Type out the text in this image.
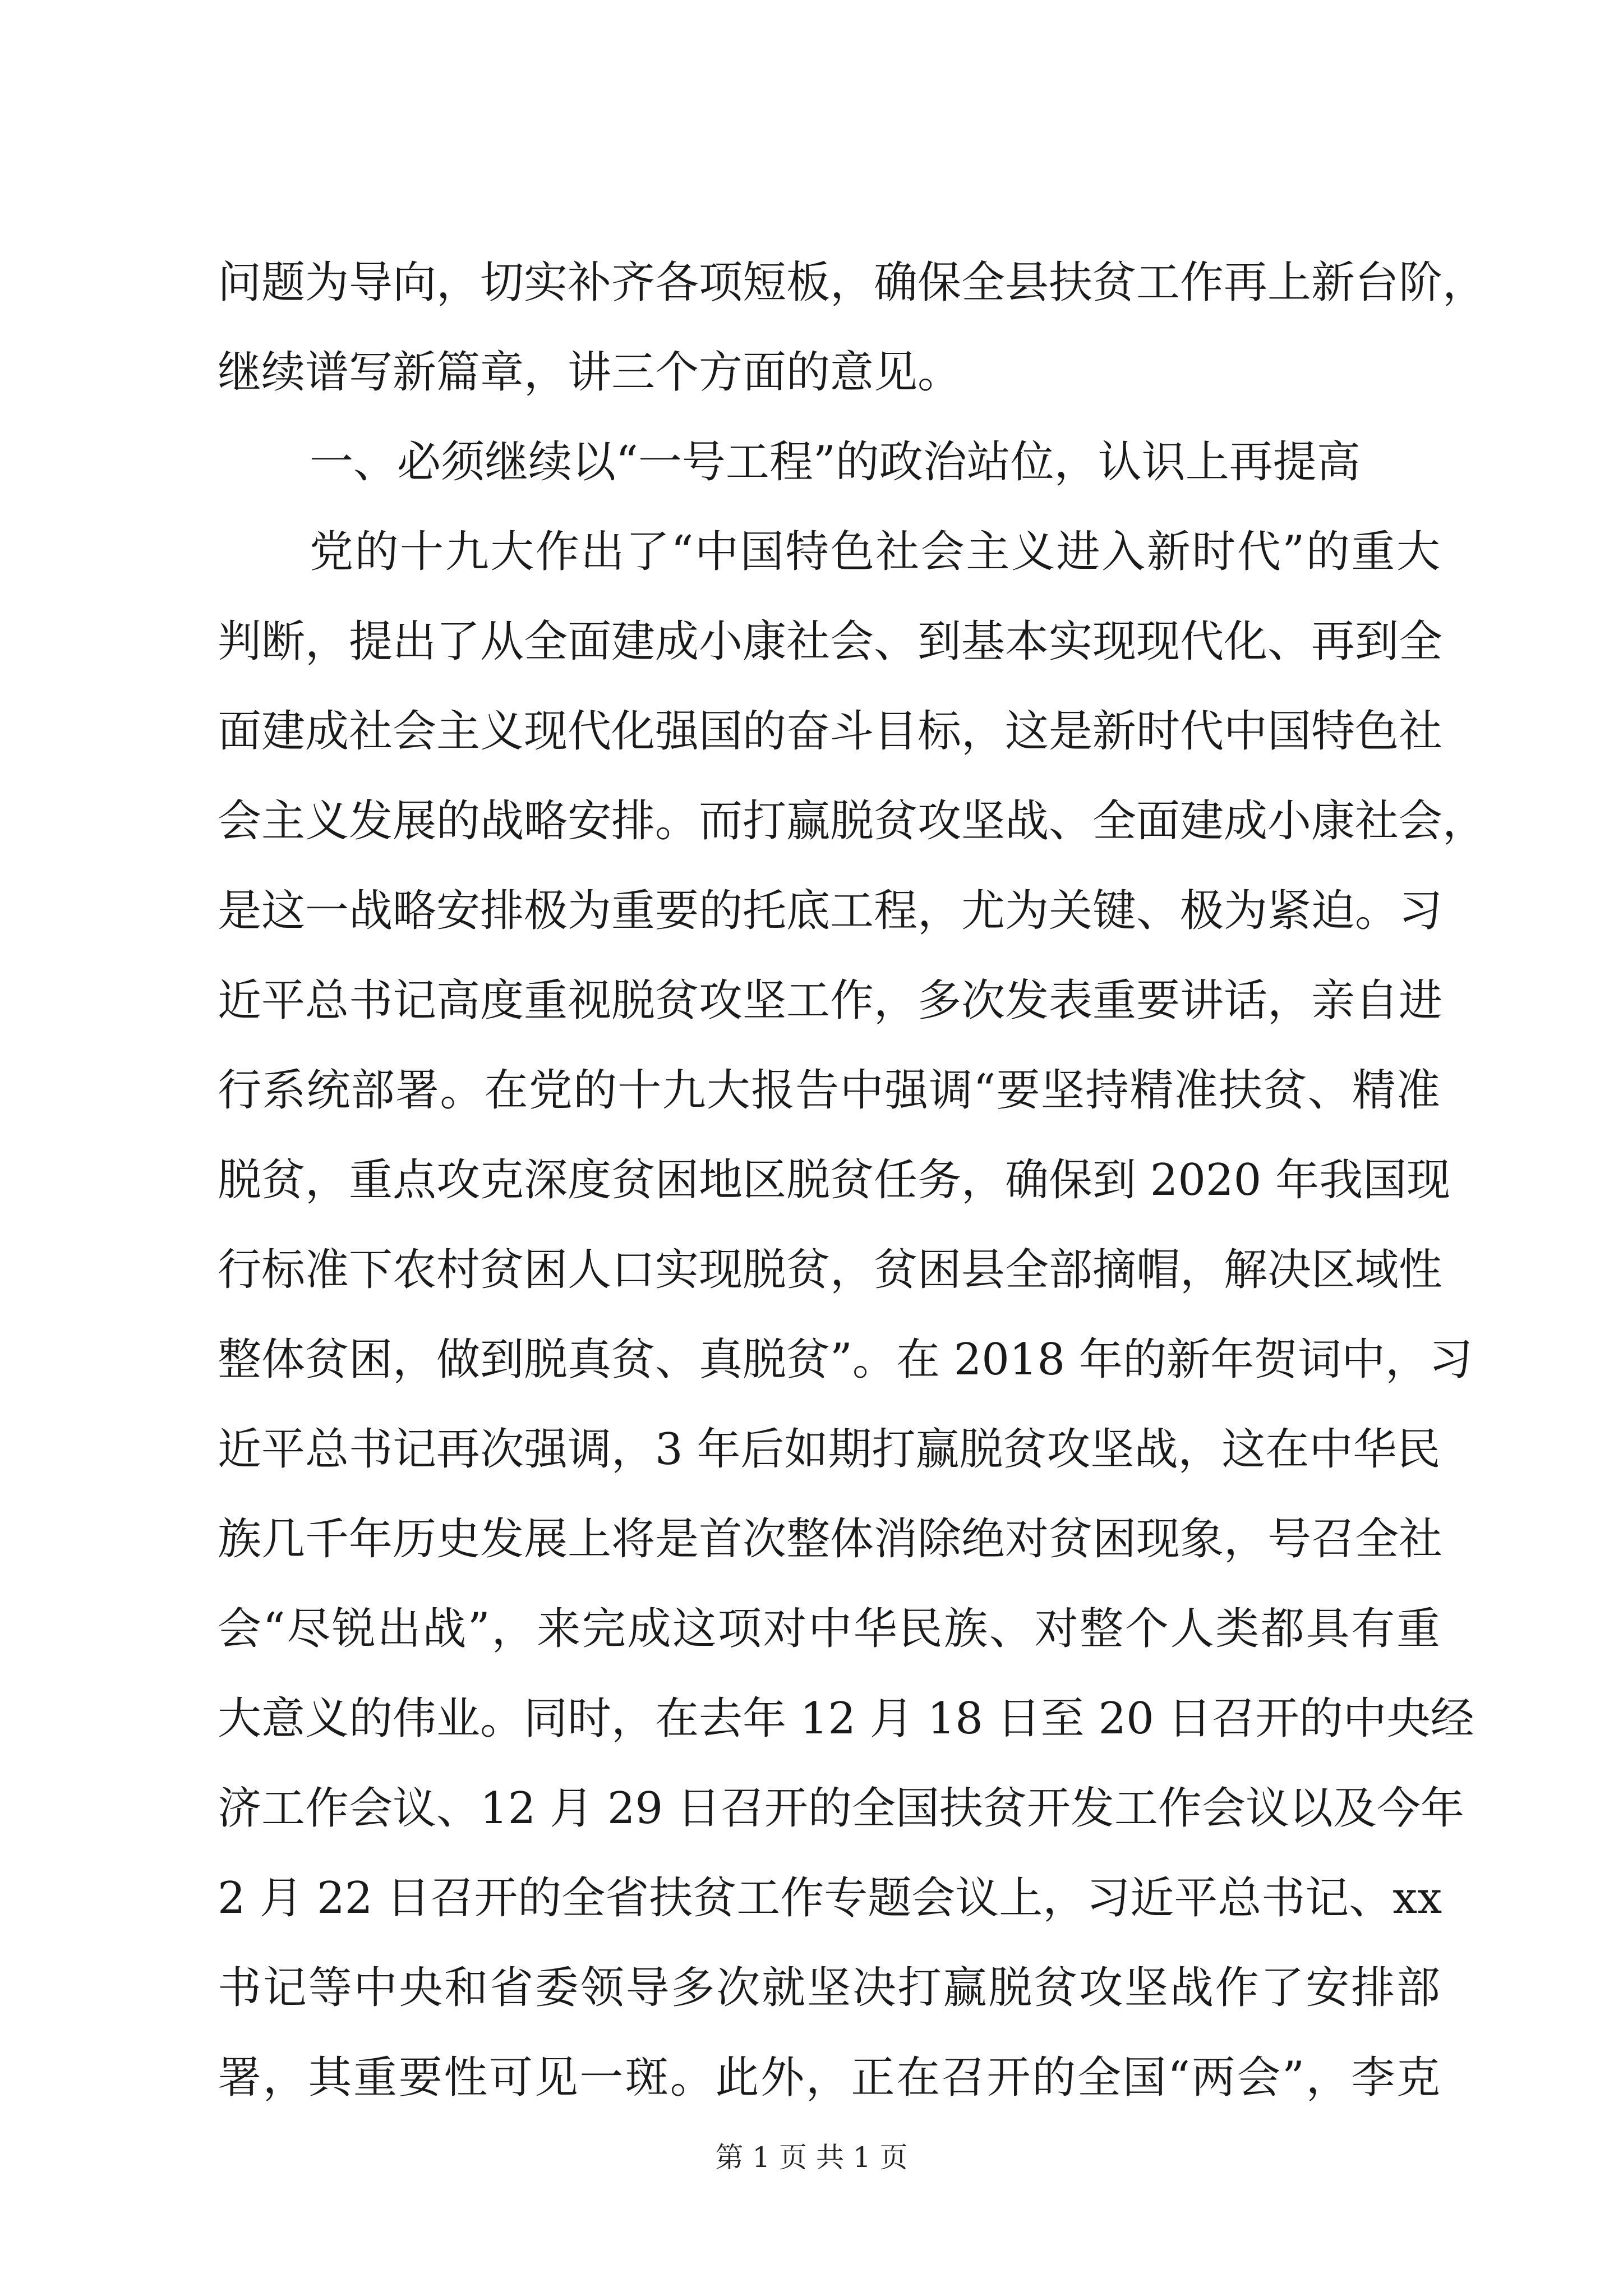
问题为导向，切实补齐各项短板，确保全县扶贫工作再上新台阶，
继续谱写新篇章，讲三个方面的意见。
一、必须继续以“一号工程”的政治站位，认识上再提高
党的十九大作出了“中国特色社会主义进入新时代”的重大
判断，提出了从全面建成小康社会、到基本实现现代化、再到全
面建成社会主义现代化强国的奋斗目标，这是新时代中国特色社
会主义发展的战略安排。而打赢脱贫攻坚战、全面建成小康社会，
是这一战略安排极为重要的托底工程，尤为关键、极为紧迫。习
近平总书记高度重视脱贫攻坚工作，多次发表重要讲话，亲自进
行系统部署。在党的十九大报告中强调“要坚持精准扶贫、精准
脱贫，重点攻克深度贫困地区脱贫任务，确保到 2020 年我国现
行标准下农村贫困人口实现脱贫，贫困县全部摘帽，解决区域性
整体贫困，做到脱真贫、真脱贫”。在 2018 年的新年贺词中，习
近平总书记再次强调，3 年后如期打赢脱贫攻坚战，这在中华民
族几千年历史发展上将是首次整体消除绝对贫困现象，号召全社
会“尽锐出战”，来完成这项对中华民族、对整个人类都具有重
大意义的伟业。同时，在去年 12 月 18 日至 20 日召开的中央经
济工作会议、12 月 29 日召开的全国扶贫开发工作会议以及今年
2 月 22 日召开的全省扶贫工作专题会议上，习近平总书记、xx
书记等中央和省委领导多次就坚决打赢脱贫攻坚战作了安排部
署，其重要性可见一斑。此外，正在召开的全国“两会”，李克
第 1 页 共 1 页
